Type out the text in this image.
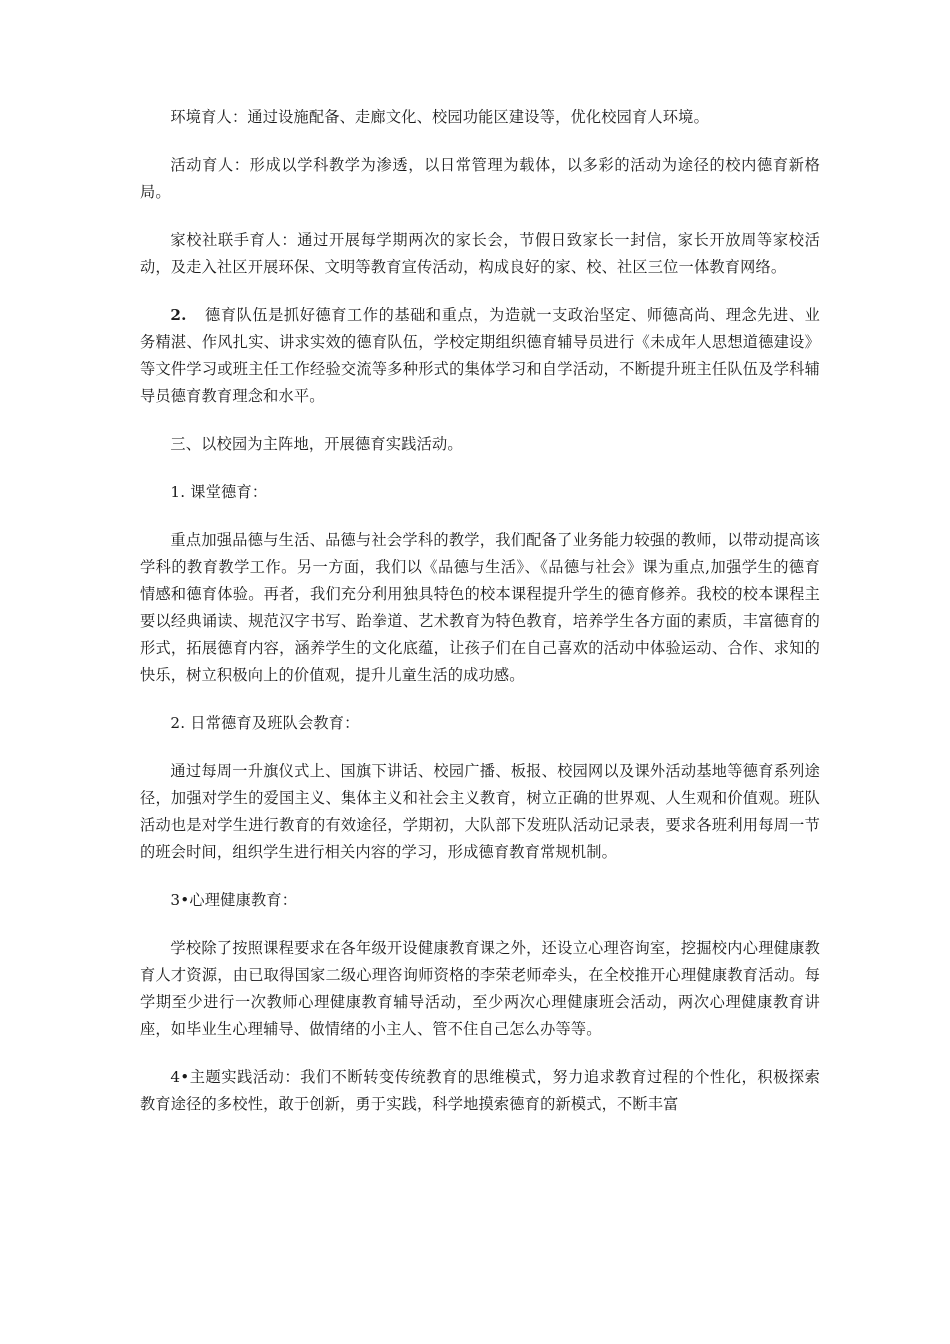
环境育人：通过设施配备、走廊文化、校园功能区建设等，优化校园育人环境。

活动育人：形成以学科教学为渗透，以日常管理为载体，以多彩的活动为途径的校内德育新格局。

家校社联手育人：通过开展每学期两次的家长会，节假日致家长一封信，家长开放周等家校活动，及走入社区开展环保、文明等教育宣传活动，构成良好的家、校、社区三位一体教育网络。

2. 德育队伍是抓好德育工作的基础和重点，为造就一支政治坚定、师德高尚、理念先进、业务精湛、作风扎实、讲求实效的德育队伍，学校定期组织德育辅导员进行《未成年人思想道德建设》等文件学习或班主任工作经验交流等多种形式的集体学习和自学活动，不断提升班主任队伍及学科辅导员德育教育理念和水平。

三、以校园为主阵地，开展德育实践活动。

1. 课堂德育：

重点加强品德与生活、品德与社会学科的教学，我们配备了业务能力较强的教师，以带动提高该学科的教育教学工作。另一方面，我们以《品德与生活》、《品德与社会》课为重点,加强学生的德育情感和德育体验。再者，我们充分利用独具特色的校本课程提升学生的德育修养。我校的校本课程主要以经典诵读、规范汉字书写、跆拳道、艺术教育为特色教育，培养学生各方面的素质，丰富德育的形式，拓展德育内容，涵养学生的文化底蕴，让孩子们在自己喜欢的活动中体验运动、合作、求知的快乐，树立积极向上的价值观，提升儿童生活的成功感。

2. 日常德育及班队会教育：

通过每周一升旗仪式上、国旗下讲话、校园广播、板报、校园网以及课外活动基地等德育系列途径，加强对学生的爱国主义、集体主义和社会主义教育，树立正确的世界观、人生观和价值观。班队活动也是对学生进行教育的有效途径，学期初，大队部下发班队活动记录表，要求各班利用每周一节的班会时间，组织学生进行相关内容的学习，形成德育教育常规机制。

3•心理健康教育：

学校除了按照课程要求在各年级开设健康教育课之外，还设立心理咨询室，挖掘校内心理健康教育人才资源，由已取得国家二级心理咨询师资格的李荣老师牵头，在全校推开心理健康教育活动。每学期至少进行一次教师心理健康教育辅导活动，至少两次心理健康班会活动，两次心理健康教育讲座，如毕业生心理辅导、做情绪的小主人、管不住自己怎么办等等。

4•主题实践活动：我们不断转变传统教育的思维模式，努力追求教育过程的个性化，积极探索教育途径的多校性，敢于创新，勇于实践，科学地摸索德育的新模式，不断丰富
